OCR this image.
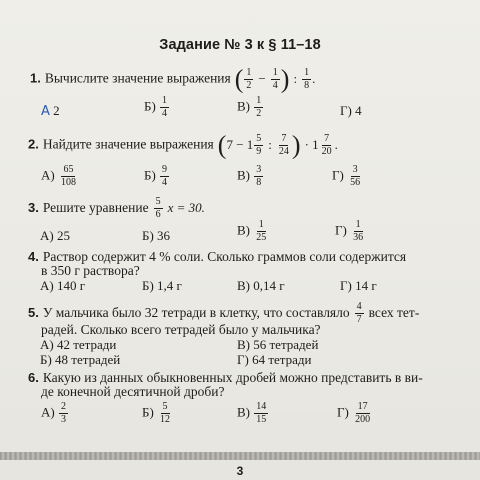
Задание № 3 к § 11–18
1. Вычислите значение выражения ( $\frac{1}{2} - \frac{1}{4}$ ) : $\frac{1}{8}$ .
А 2	$Б) \frac{1}{4}$	$В) \frac{1}{2}$	Г) 4
2. Найдите значение выражения ($7 - 1 \frac{5}{9}$ : $\frac{7}{24}$ ) · $1 \frac{7}{20}$ .
$А) \frac{65}{108}$	$Б) \frac{9}{4}$	$В) \frac{3}{8}$	$Г) \frac{3}{56}$
3. Решите уравнение $\frac{5}{6}$ x = 30.
А) 25	Б) 36	$В) \frac{1}{25}$	$Г) \frac{1}{36}$
4. Раствор содержит 4 % соли. Сколько граммов соли содержится
в 350 г раствора?
А) 140 г	Б) 1,4 г	В) 0,14 г	Г) 14 г
5. У мальчика было 32 тетради в клетку, что составляло $\frac{4}{7}$ всех тет-
радей. Сколько всего тетрадей было у мальчика?
А) 42 тетради
Б) 48 тетрадей
В) 56 тетрадей
Г) 64 тетради
6. Какую из данных обыкновенных дробей можно представить в ви-
де конечной десятичной дроби?
$А) \frac{2}{3}$	$Б) \frac{5}{12}$	$В) \frac{14}{15}$	$Г) \frac{17}{200}$
3
